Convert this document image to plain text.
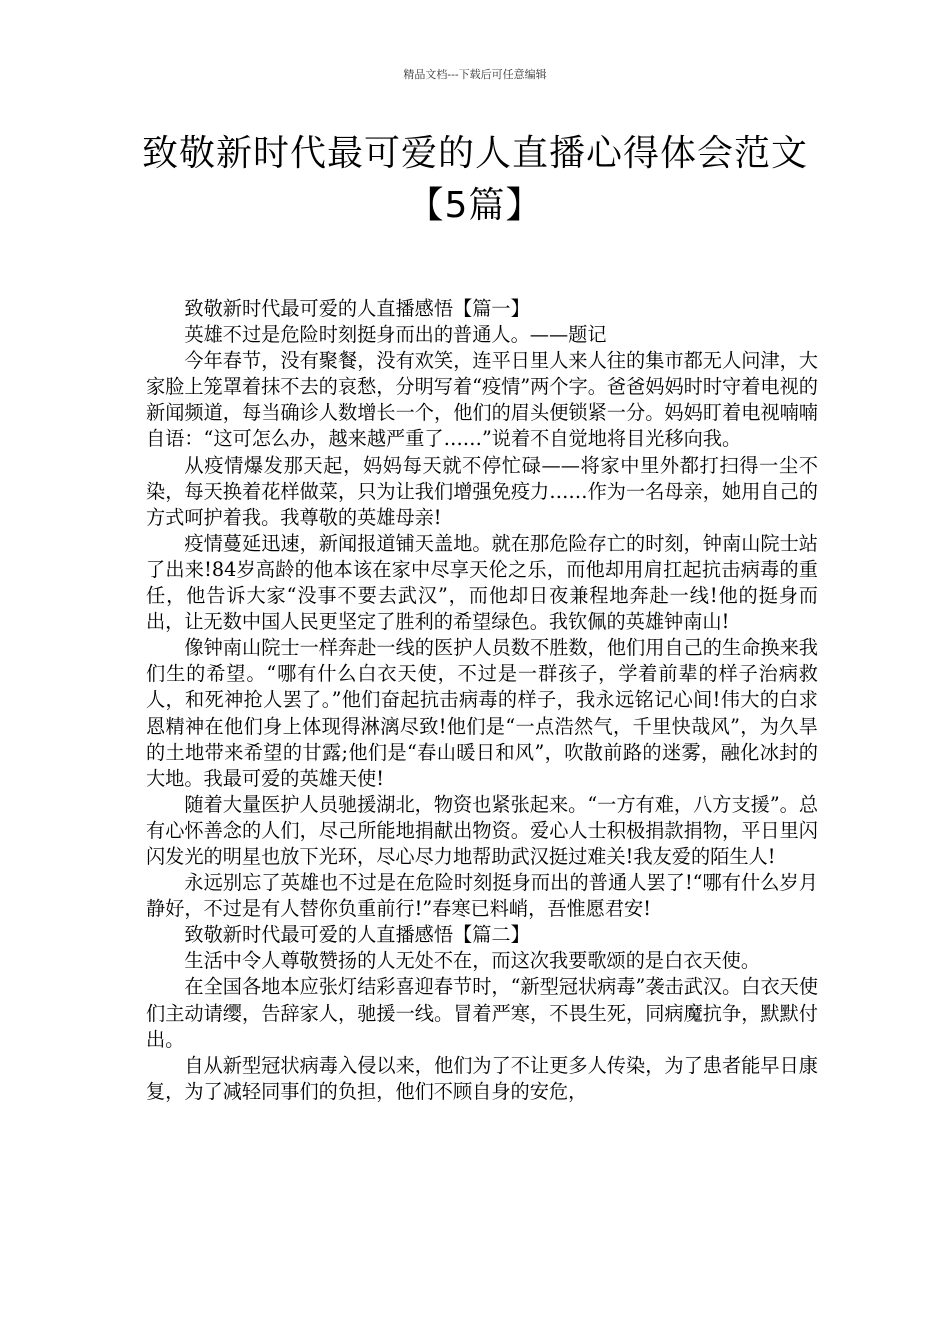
精品文档---下载后可任意编辑
致敬新时代最可爱的人直播心得体会范文【5篇】

致敬新时代最可爱的人直播感悟【篇一】

英雄不过是危险时刻挺身而出的普通人。——题记

今年春节，没有聚餐，没有欢笑，连平日里人来人往的集市都无人问津，大家脸上笼罩着抹不去的哀愁，分明写着“疫情”两个字。爸爸妈妈时时守着电视的新闻频道，每当确诊人数增长一个，他们的眉头便锁紧一分。妈妈盯着电视喃喃自语：“这可怎么办，越来越严重了……”说着不自觉地将目光移向我。

从疫情爆发那天起，妈妈每天就不停忙碌——将家中里外都打扫得一尘不染，每天换着花样做菜，只为让我们增强免疫力……作为一名母亲，她用自己的方式呵护着我。我尊敬的英雄母亲!

疫情蔓延迅速，新闻报道铺天盖地。就在那危险存亡的时刻，钟南山院士站了出来!84岁高龄的他本该在家中尽享天伦之乐，而他却用肩扛起抗击病毒的重任，他告诉大家“没事不要去武汉”，而他却日夜兼程地奔赴一线!他的挺身而出，让无数中国人民更坚定了胜利的希望绿色。我钦佩的英雄钟南山!

像钟南山院士一样奔赴一线的医护人员数不胜数，他们用自己的生命换来我们生的希望。“哪有什么白衣天使，不过是一群孩子，学着前辈的样子治病救人，和死神抢人罢了。”他们奋起抗击病毒的样子，我永远铭记心间!伟大的白求恩精神在他们身上体现得淋漓尽致!他们是“一点浩然气，千里快哉风”，为久旱的土地带来希望的甘露;他们是“春山暖日和风”，吹散前路的迷雾，融化冰封的大地。我最可爱的英雄天使!

随着大量医护人员驰援湖北，物资也紧张起来。“一方有难，八方支援”。总有心怀善念的人们，尽己所能地捐献出物资。爱心人士积极捐款捐物，平日里闪闪发光的明星也放下光环，尽心尽力地帮助武汉挺过难关!我友爱的陌生人!

永远别忘了英雄也不过是在危险时刻挺身而出的普通人罢了!“哪有什么岁月静好，不过是有人替你负重前行!”春寒已料峭，吾惟愿君安!

致敬新时代最可爱的人直播感悟【篇二】

生活中令人尊敬赞扬的人无处不在，而这次我要歌颂的是白衣天使。

在全国各地本应张灯结彩喜迎春节时，“新型冠状病毒”袭击武汉。白衣天使们主动请缨，告辞家人，驰援一线。冒着严寒，不畏生死，同病魔抗争，默默付出。

自从新型冠状病毒入侵以来，他们为了不让更多人传染，为了患者能早日康复，为了减轻同事们的负担，他们不顾自身的安危，
